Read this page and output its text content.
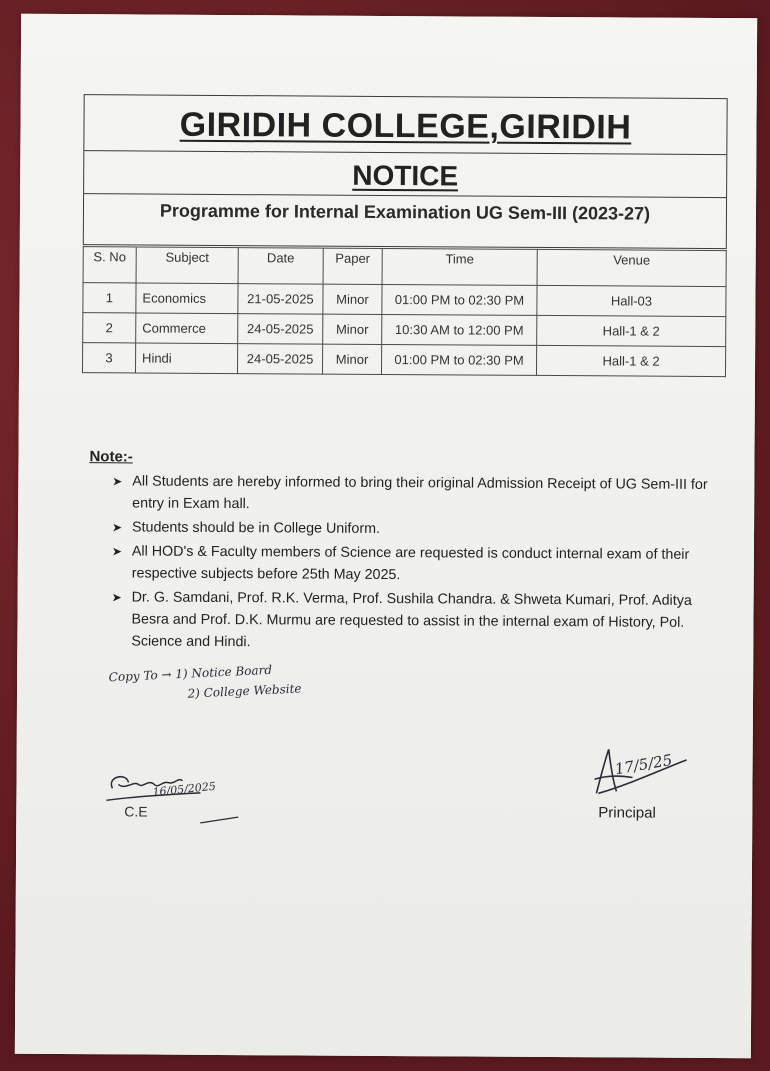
GIRIDIH COLLEGE,GIRIDIH
NOTICE
Programme for Internal Examination UG Sem-III (2023-27)
S. No	Subject	Date	Paper	Time	Venue
1	Economics	21-05-2025	Minor	01:00 PM to 02:30 PM	Hall-03
2	Commerce	24-05-2025	Minor	10:30 AM to 12:00 PM	Hall-1 & 2
3	Hindi	24-05-2025	Minor	01:00 PM to 02:30 PM	Hall-1 & 2
Note:-
➤ All Students are hereby informed to bring their original Admission Receipt of UG Sem-III for entry in Exam hall.
➤ Students should be in College Uniform.
➤ All HOD's & Faculty members of Science are requested is conduct internal exam of their respective subjects before 25th May 2025.
➤ Dr. G. Samdani, Prof. R.K. Verma, Prof. Sushila Chandra. & Shweta Kumari, Prof. Aditya Besra and Prof. D.K. Murmu are requested to assist in the internal exam of History, Pol. Science and Hindi.
Copy To → 1) Notice Board
2) College Website
16/05/2025
C.E
17/5/25
Principal
